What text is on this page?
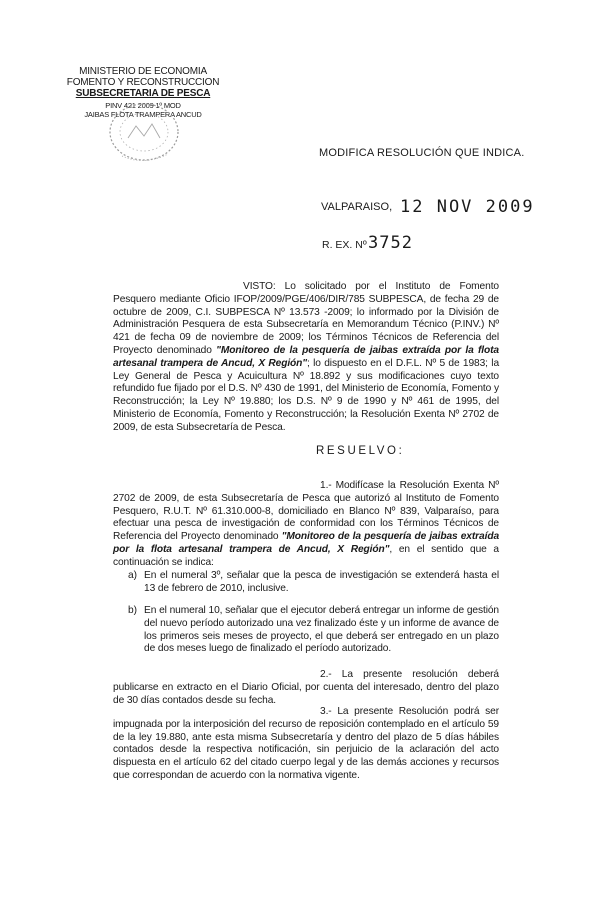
MINISTERIO DE ECONOMIA
FOMENTO Y RECONSTRUCCION
SUBSECRETARIA DE PESCA
PINV 421 2009 1º MOD
JAIBAS FLOTA TRAMPERA ANCUD
MODIFICA RESOLUCIÓN QUE INDICA.
VALPARAISO, 12 NOV 2009
R. EX. Nº 3752
VISTO: Lo solicitado por el Instituto de Fomento Pesquero mediante Oficio IFOP/2009/PGE/406/DIR/785 SUBPESCA, de fecha 29 de octubre de 2009, C.I. SUBPESCA Nº 13.573 -2009; lo informado por la División de Administración Pesquera de esta Subsecretaría en Memorandum Técnico (P.INV.) Nº 421 de fecha 09 de noviembre de 2009; los Términos Técnicos de Referencia del Proyecto denominado "Monitoreo de la pesquería de jaibas extraída por la flota artesanal trampera de Ancud, X Región"; lo dispuesto en el D.F.L. Nº 5 de 1983; la Ley General de Pesca y Acuicultura Nº 18.892 y sus modificaciones cuyo texto refundido fue fijado por el D.S. Nº 430 de 1991, del Ministerio de Economía, Fomento y Reconstrucción; la Ley Nº 19.880; los D.S. Nº 9 de 1990 y Nº 461 de 1995, del Ministerio de Economía, Fomento y Reconstrucción; la Resolución Exenta Nº 2702 de 2009, de esta Subsecretaría de Pesca.
RESUELVO:
1.- Modifícase la Resolución Exenta Nº 2702 de 2009, de esta Subsecretaría de Pesca que autorizó al Instituto de Fomento Pesquero, R.U.T. Nº 61.310.000-8, domiciliado en Blanco Nº 839, Valparaíso, para efectuar una pesca de investigación de conformidad con los Términos Técnicos de Referencia del Proyecto denominado "Monitoreo de la pesquería de jaibas extraída por la flota artesanal trampera de Ancud, X Región", en el sentido que a continuación se indica:
a) En el numeral 3º, señalar que la pesca de investigación se extenderá hasta el 13 de febrero de 2010, inclusive.
b) En el numeral 10, señalar que el ejecutor deberá entregar un informe de gestión del nuevo período autorizado una vez finalizado éste y un informe de avance de los primeros seis meses de proyecto, el que deberá ser entregado en un plazo de dos meses luego de finalizado el período autorizado.
2.- La presente resolución deberá publicarse en extracto en el Diario Oficial, por cuenta del interesado, dentro del plazo de 30 días contados desde su fecha.
3.- La presente Resolución podrá ser impugnada por la interposición del recurso de reposición contemplado en el artículo 59 de la ley 19.880, ante esta misma Subsecretaría y dentro del plazo de 5 días hábiles contados desde la respectiva notificación, sin perjuicio de la aclaración del acto dispuesta en el artículo 62 del citado cuerpo legal y de las demás acciones y recursos que correspondan de acuerdo con la normativa vigente.
